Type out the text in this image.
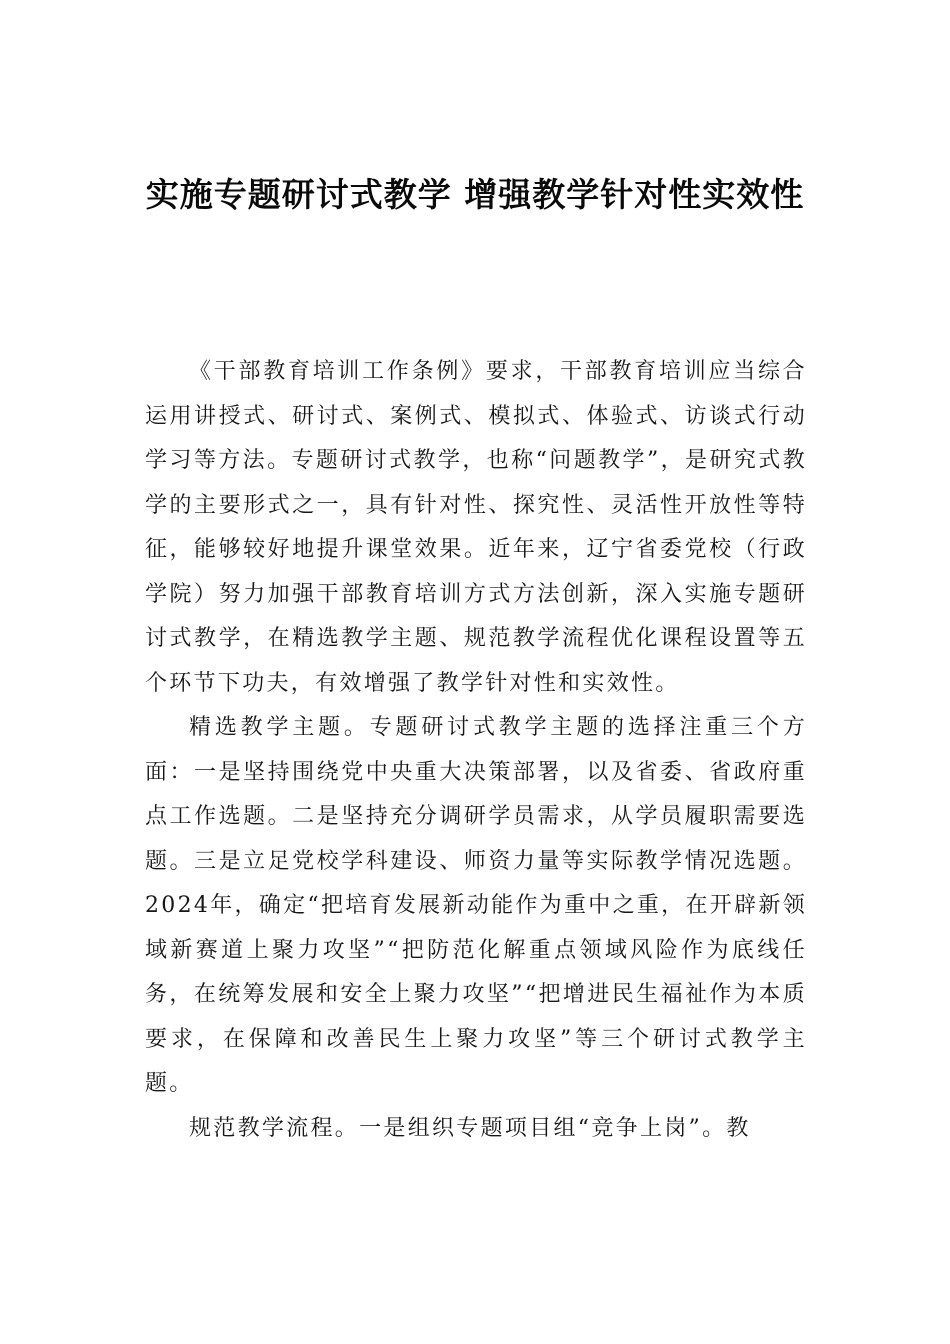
实施专题研讨式教学 增强教学针对性实效性

《干部教育培训工作条例》要求，干部教育培训应当综合运用讲授式、研讨式、案例式、模拟式、体验式、访谈式行动学习等方法。专题研讨式教学，也称“问题教学”，是研究式教学的主要形式之一，具有针对性、探究性、灵活性开放性等特征，能够较好地提升课堂效果。近年来，辽宁省委党校（行政学院）努力加强干部教育培训方式方法创新，深入实施专题研讨式教学，在精选教学主题、规范教学流程优化课程设置等五个环节下功夫，有效增强了教学针对性和实效性。

精选教学主题。专题研讨式教学主题的选择注重三个方面：一是坚持围绕党中央重大决策部署，以及省委、省政府重点工作选题。二是坚持充分调研学员需求，从学员履职需要选题。三是立足党校学科建设、师资力量等实际教学情况选题。2024年，确定“把培育发展新动能作为重中之重，在开辟新领域新赛道上聚力攻坚”“把防范化解重点领域风险作为底线任务，在统筹发展和安全上聚力攻坚”“把增进民生福祉作为本质要求，在保障和改善民生上聚力攻坚”等三个研讨式教学主题。

规范教学流程。一是组织专题项目组“竞争上岗”。教
